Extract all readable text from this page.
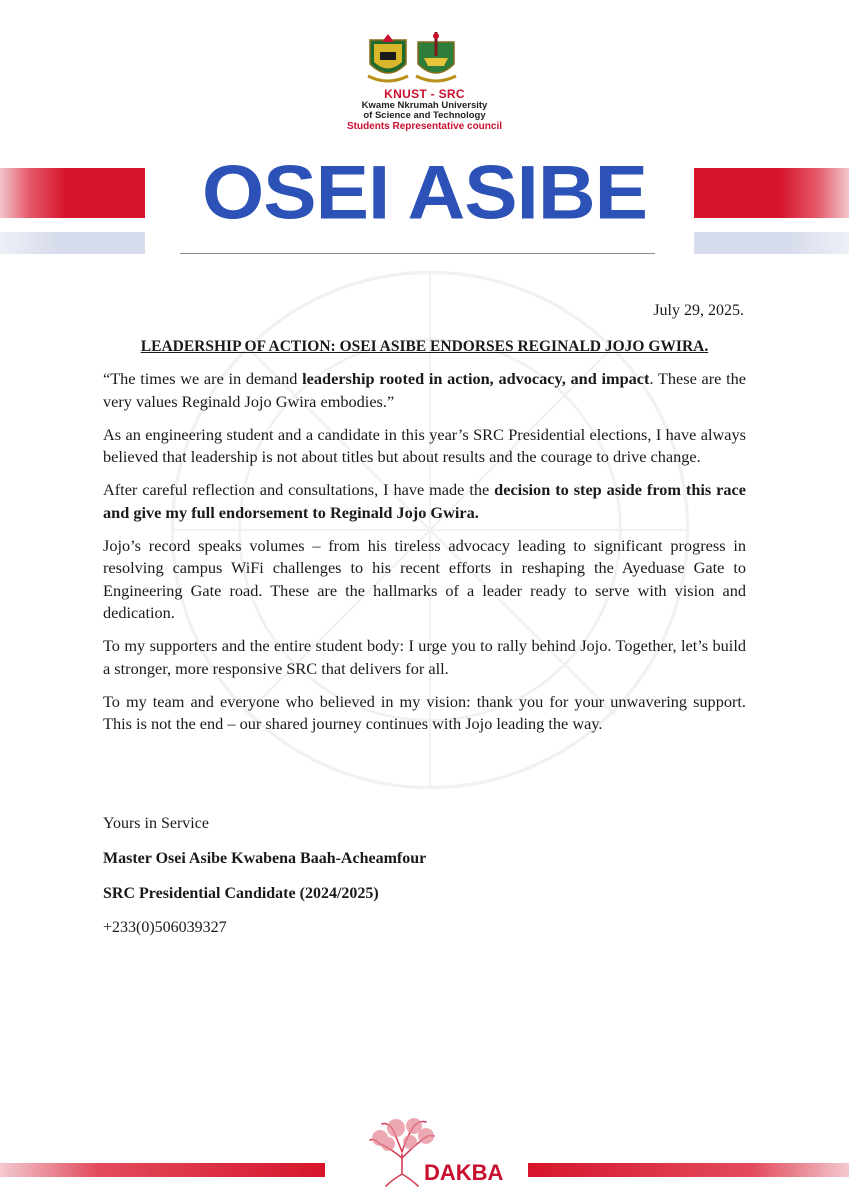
KNUST - SRC
Kwame Nkrumah University
of Science and Technology
Students Representative council
OSEI ASIBE
July 29, 2025.
LEADERSHIP OF ACTION: OSEI ASIBE ENDORSES REGINALD JOJO GWIRA.

“The times we are in demand leadership rooted in action, advocacy, and impact. These are the very values Reginald Jojo Gwira embodies.”

As an engineering student and a candidate in this year’s SRC Presidential elections, I have always believed that leadership is not about titles but about results and the courage to drive change.

After careful reflection and consultations, I have made the decision to step aside from this race and give my full endorsement to Reginald Jojo Gwira.

Jojo’s record speaks volumes – from his tireless advocacy leading to significant progress in resolving campus WiFi challenges to his recent efforts in reshaping the Ayeduase Gate to Engineering Gate road. These are the hallmarks of a leader ready to serve with vision and dedication.

To my supporters and the entire student body: I urge you to rally behind Jojo. Together, let’s build a stronger, more responsive SRC that delivers for all.

To my team and everyone who believed in my vision: thank you for your unwavering support. This is not the end – our shared journey continues with Jojo leading the way.

Yours in Service
Master Osei Asibe Kwabena Baah-Acheamfour
SRC Presidential Candidate (2024/2025)
+233(0)506039327
DAKBA
